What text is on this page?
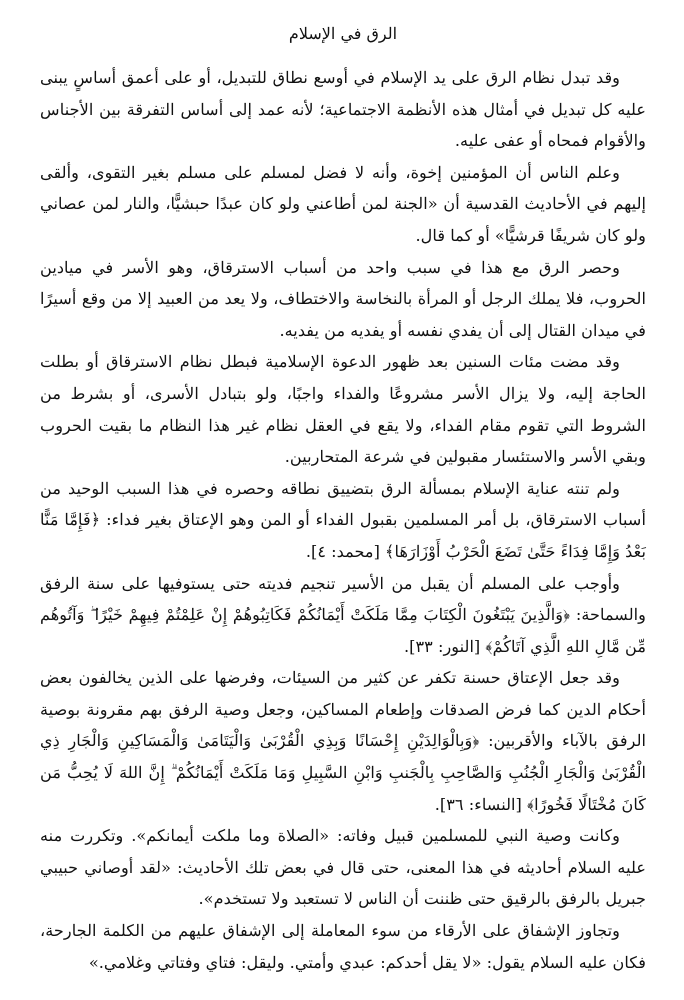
الرق في الإسلام

وقد تبدل نظام الرق على يد الإسلام في أوسع نطاق للتبديل، أو على أعمق أساسٍ يبنى عليه كل تبديل في أمثال هذه الأنظمة الاجتماعية؛ لأنه عمد إلى أساس التفرقة بين الأجناس والأقوام فمحاه أو عفى عليه.

وعلم الناس أن المؤمنين إخوة، وأنه لا فضل لمسلم على مسلم بغير التقوى، وألقى إليهم في الأحاديث القدسية أن «الجنة لمن أطاعني ولو كان عبدًا حبشيًّا، والنار لمن عصاني ولو كان شريفًا قرشيًّا» أو كما قال.

وحصر الرق مع هذا في سبب واحد من أسباب الاسترقاق، وهو الأسر في ميادين الحروب، فلا يملك الرجل أو المرأة بالنخاسة والاختطاف، ولا يعد من العبيد إلا من وقع أسيرًا في ميدان القتال إلى أن يفدي نفسه أو يفديه من يفديه.

وقد مضت مئات السنين بعد ظهور الدعوة الإسلامية فبطل نظام الاسترقاق أو بطلت الحاجة إليه، ولا يزال الأسر مشروعًا والفداء واجبًا، ولو بتبادل الأسرى، أو بشرط من الشروط التي تقوم مقام الفداء، ولا يقع في العقل نظام غير هذا النظام ما بقيت الحروب وبقي الأسر والاستئسار مقبولين في شرعة المتحاربين.

ولم تنته عناية الإسلام بمسألة الرق بتضييق نطاقه وحصره في هذا السبب الوحيد من أسباب الاسترقاق، بل أمر المسلمين بقبول الفداء أو المن وهو الإعتاق بغير فداء: ﴿فَإِمَّا مَنًّا بَعْدُ وَإِمَّا فِدَاءً حَتَّىٰ تَضَعَ الْحَرْبُ أَوْزَارَهَا﴾ [محمد: ٤].

وأوجب على المسلم أن يقبل من الأسير تنجيم فديته حتى يستوفيها على سنة الرفق والسماحة: ﴿وَالَّذِينَ يَبْتَغُونَ الْكِتَابَ مِمَّا مَلَكَتْ أَيْمَانُكُمْ فَكَاتِبُوهُمْ إِنْ عَلِمْتُمْ فِيهِمْ خَيْرًا ۖ وَآتُوهُم مِّن مَّالِ اللهِ الَّذِي آتَاكُمْ﴾ [النور: ٣٣].

وقد جعل الإعتاق حسنة تكفر عن كثير من السيئات، وفرضها على الذين يخالفون بعض أحكام الدين كما فرض الصدقات وإطعام المساكين، وجعل وصية الرفق بهم مقرونة بوصية الرفق بالآباء والأقربين: ﴿وَبِالْوَالِدَيْنِ إِحْسَانًا وَبِذِي الْقُرْبَىٰ وَالْيَتَامَىٰ وَالْمَسَاكِينِ وَالْجَارِ ذِي الْقُرْبَىٰ وَالْجَارِ الْجُنُبِ وَالصَّاحِبِ بِالْجَنبِ وَابْنِ السَّبِيلِ وَمَا مَلَكَتْ أَيْمَانُكُمْ ۗ إِنَّ اللهَ لَا يُحِبُّ مَن كَانَ مُخْتَالًا فَخُورًا﴾ [النساء: ٣٦].

وكانت وصية النبي للمسلمين قبيل وفاته: «الصلاة وما ملكت أيمانكم». وتكررت منه عليه السلام أحاديثه في هذا المعنى، حتى قال في بعض تلك الأحاديث: «لقد أوصاني حبيبي جبريل بالرفق بالرقيق حتى ظننت أن الناس لا تستعبد ولا تستخدم».

وتجاوز الإشفاق على الأرقاء من سوء المعاملة إلى الإشفاق عليهم من الكلمة الجارحة، فكان عليه السلام يقول: «لا يقل أحدكم: عبدي وأمتي. وليقل: فتاي وفتاتي وغلامي.»
